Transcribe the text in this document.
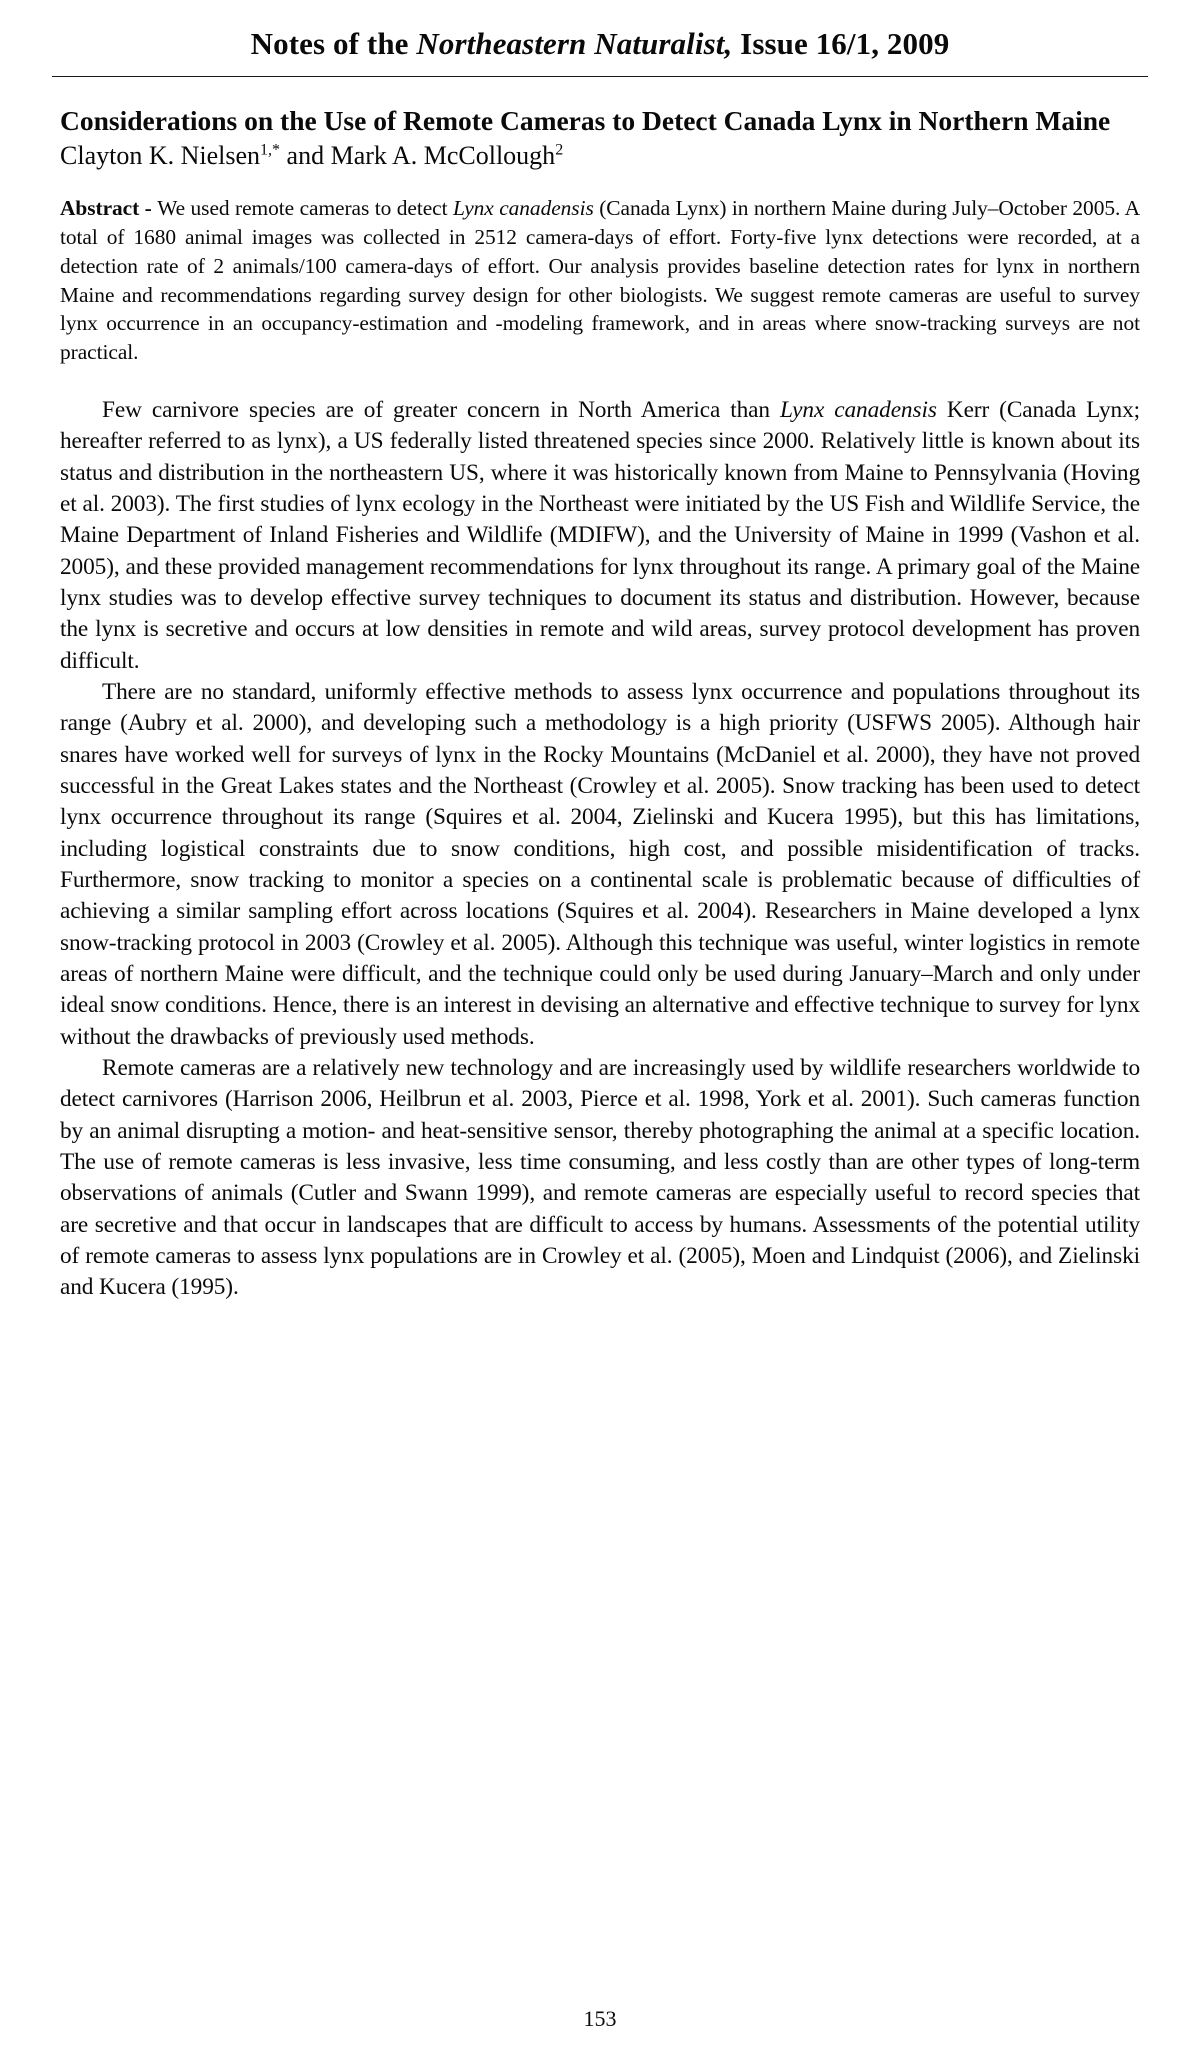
Notes of the Northeastern Naturalist, Issue 16/1, 2009
Considerations on the Use of Remote Cameras to Detect Canada Lynx in Northern Maine
Clayton K. Nielsen$^{1,*}$ and Mark A. McCollough$^2$
Abstract - We used remote cameras to detect Lynx canadensis (Canada Lynx) in northern Maine during July–October 2005. A total of 1680 animal images was collected in 2512 camera-days of effort. Forty-five lynx detections were recorded, at a detection rate of 2 animals/100 camera-days of effort. Our analysis provides baseline detection rates for lynx in northern Maine and recommendations regarding survey design for other biologists. We suggest remote cameras are useful to survey lynx occurrence in an occupancy-estimation and -modeling framework, and in areas where snow-tracking surveys are not practical.

Few carnivore species are of greater concern in North America than Lynx canadensis Kerr (Canada Lynx; hereafter referred to as lynx), a US federally listed threatened species since 2000. Relatively little is known about its status and distribution in the northeastern US, where it was historically known from Maine to Pennsylvania (Hoving et al. 2003). The first studies of lynx ecology in the Northeast were initiated by the US Fish and Wildlife Service, the Maine Department of Inland Fisheries and Wildlife (MDIFW), and the University of Maine in 1999 (Vashon et al. 2005), and these provided management recommendations for lynx throughout its range. A primary goal of the Maine lynx studies was to develop effective survey techniques to document its status and distribution. However, because the lynx is secretive and occurs at low densities in remote and wild areas, survey protocol development has proven difficult.

There are no standard, uniformly effective methods to assess lynx occurrence and populations throughout its range (Aubry et al. 2000), and developing such a methodology is a high priority (USFWS 2005). Although hair snares have worked well for surveys of lynx in the Rocky Mountains (McDaniel et al. 2000), they have not proved successful in the Great Lakes states and the Northeast (Crowley et al. 2005). Snow tracking has been used to detect lynx occurrence throughout its range (Squires et al. 2004, Zielinski and Kucera 1995), but this has limitations, including logistical constraints due to snow conditions, high cost, and possible misidentification of tracks. Furthermore, snow tracking to monitor a species on a continental scale is problematic because of difficulties of achieving a similar sampling effort across locations (Squires et al. 2004). Researchers in Maine developed a lynx snow-tracking protocol in 2003 (Crowley et al. 2005). Although this technique was useful, winter logistics in remote areas of northern Maine were difficult, and the technique could only be used during January–March and only under ideal snow conditions. Hence, there is an interest in devising an alternative and effective technique to survey for lynx without the drawbacks of previously used methods.

Remote cameras are a relatively new technology and are increasingly used by wildlife researchers worldwide to detect carnivores (Harrison 2006, Heilbrun et al. 2003, Pierce et al. 1998, York et al. 2001). Such cameras function by an animal disrupting a motion- and heat-sensitive sensor, thereby photographing the animal at a specific location. The use of remote cameras is less invasive, less time consuming, and less costly than are other types of long-term observations of animals (Cutler and Swann 1999), and remote cameras are especially useful to record species that are secretive and that occur in landscapes that are difficult to access by humans. Assessments of the potential utility of remote cameras to assess lynx populations are in Crowley et al. (2005), Moen and Lindquist (2006), and Zielinski and Kucera (1995).

153
